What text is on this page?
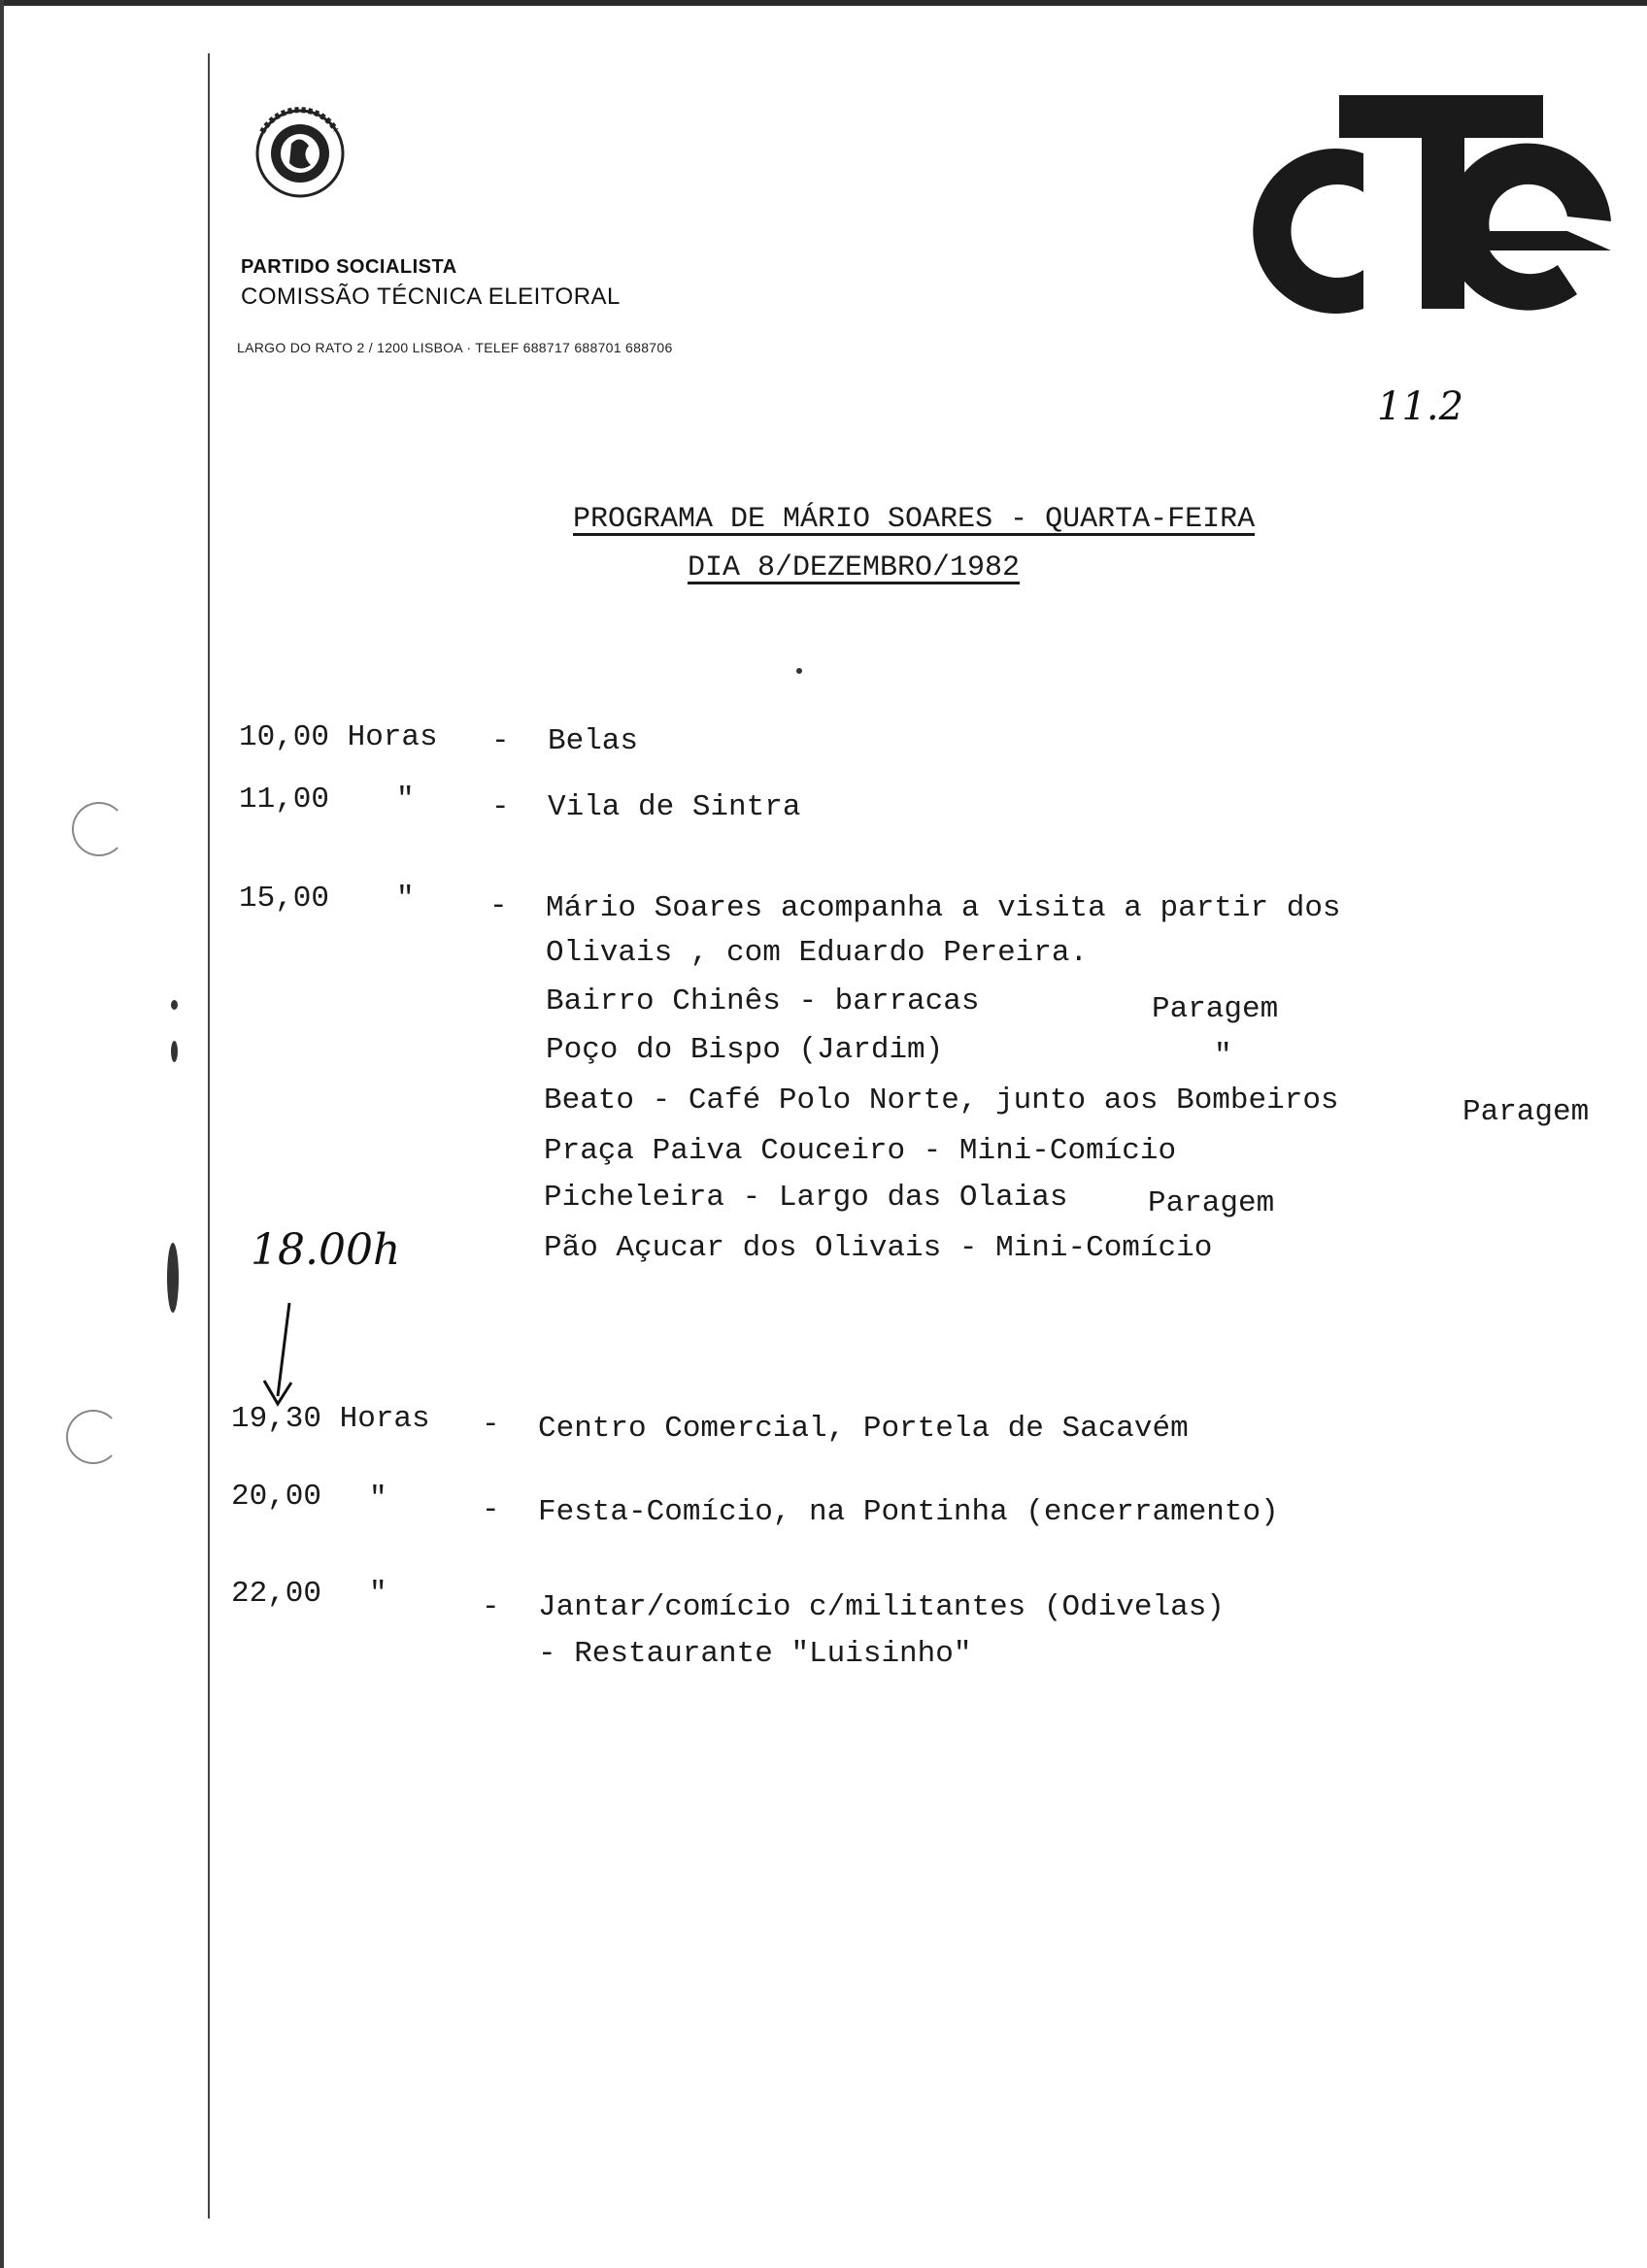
PARTIDO SOCIALISTA
COMISSÃO TÉCNICA ELEITORAL
LARGO DO RATO 2 / 1200 LISBOA · TELEF 688717 688701 688706
11.2
PROGRAMA DE MÁRIO SOARES - QUARTA-FEIRA
DIA 8/DEZEMBRO/1982
10,00 Horas - Belas
11,00 "	- Vila de Sintra
15,00 " - Mário Soares acompanha a visita a partir dos
Olivais , com Eduardo Pereira.
Bairro Chinês - barracas	Paragem
Poço do Bispo (Jardim)	"
Beato - Café Polo Norte, junto aos Bombeiros	Paragem
Praça Paiva Couceiro - Mini-Comício
Picheleira - Largo das Olaias	Paragem
Pão Açucar dos Olivais - Mini-Comício
18.00h
19,30 Horas - Centro Comercial, Portela de Sacavém
20,00 "	- Festa-Comício, na Pontinha (encerramento)
22,00 "	- Jantar/comício c/militantes (Odivelas)
- Restaurante "Luisinho"
